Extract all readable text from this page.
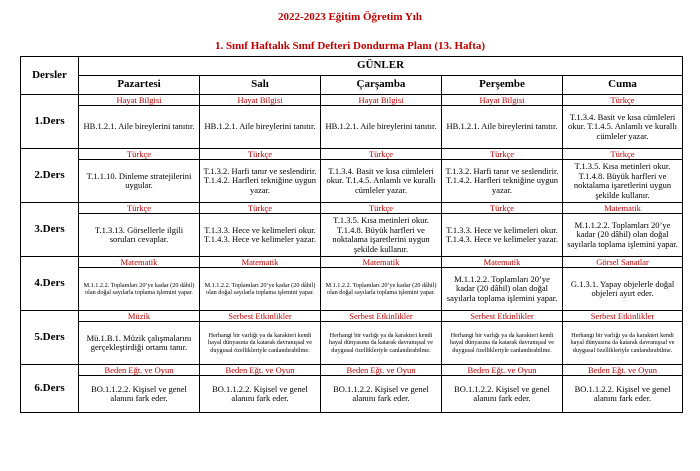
2022-2023 Eğitim Öğretim Yılı
1. Sınıf Haftalık Sınıf Defteri Dondurma Planı (13. Hafta)
Dersler	GÜNLER				
	Pazartesi	Salı	Çarşamba	Perşembe	Cuma
1.Ders	Hayat Bilgisi	Hayat Bilgisi	Hayat Bilgisi	Hayat Bilgisi	Türkçe
	HB.1.2.1. Aile bireylerini tanıtır.	HB.1.2.1. Aile bireylerini tanıtır.	HB.1.2.1. Aile bireylerini tanıtır.	HB.1.2.1. Aile bireylerini tanıtır.	T.1.3.4. Basit ve kısa cümleleri okur. T.1.4.5. Anlamlı ve kurallı cümleler yazar.
2.Ders	Türkçe	Türkçe	Türkçe	Türkçe	Türkçe
	T.1.1.10. Dinleme stratejilerini uygular.	T.1.3.2. Harfi tanır ve seslendirir. T.1.4.2. Harfleri tekniğine uygun yazar.	T.1.3.4. Basit ve kısa cümleleri okur. T.1.4.5. Anlamlı ve kurallı cümleler yazar.	T.1.3.2. Harfi tanır ve seslendirir. T.1.4.2. Harfleri tekniğine uygun yazar.	T.1.3.5. Kısa metinleri okur. T.1.4.8. Büyük harfleri ve noktalama işaretlerini uygun şekilde kullanır.
3.Ders	Türkçe	Türkçe	Türkçe	Türkçe	Matematik
	T.1.3.13. Görsellerle ilgili soruları cevaplar.	T.1.3.3. Hece ve kelimeleri okur. T.1.4.3. Hece ve kelimeler yazar.	T.1.3.5. Kısa metinleri okur. T.1.4.8. Büyük harfleri ve noktalama işaretlerini uygun şekilde kullanır.	T.1.3.3. Hece ve kelimeleri okur. T.1.4.3. Hece ve kelimeler yazar.	M.1.1.2.2. Toplamları 20’ye kadar (20 dâhil) olan doğal sayılarla toplama işlemini yapar.
4.Ders	Matematik	Matematik	Matematik	Matematik	Görsel Sanatlar
	M.1.1.2.2. Toplamları 20’ye kadar (20 dâhil) olan doğal sayılarla toplama işlemini yapar.	M.1.1.2.2. Toplamları 20’ye kadar (20 dâhil) olan doğal sayılarla toplama işlemini yapar.	M.1.1.2.2. Toplamları 20’ye kadar (20 dâhil) olan doğal sayılarla toplama işlemini yapar.	M.1.1.2.2. Toplamları 20’ye kadar (20 dâhil) olan doğal sayılarla toplama işlemini yapar.	G.1.3.1. Yapay objelerle doğal objeleri ayırt eder.
5.Ders	Müzik	Serbest Etkinlikler	Serbest Etkinlikler	Serbest Etkinlikler	Serbest Etkinlikler
	Mü.1.B.1. Müzik çalışmalarını gerçekleştirdiği ortamı tanır.	Herhangi bir varlığı ya da karakteri kendi hayal dünyasına da katarak davranışsal ve duygusal özellikleriyle canlandırabilme.	Herhangi bir varlığı ya da karakteri kendi hayal dünyasına da katarak davranışsal ve duygusal özellikleriyle canlandırabilme.	Herhangi bir varlığı ya da karakteri kendi hayal dünyasına da katarak davranışsal ve duygusal özellikleriyle canlandırabilme.	Herhangi bir varlığı ya da karakteri kendi hayal dünyasına da katarak davranışsal ve duygusal özellikleriyle canlandırabilme.
6.Ders	Beden Eğt. ve Oyun	Beden Eğt. ve Oyun	Beden Eğt. ve Oyun	Beden Eğt. ve Oyun	Beden Eğt. ve Oyun
	BO.1.1.2.2. Kişisel ve genel alanını fark eder.	BO.1.1.2.2. Kişisel ve genel alanını fark eder.	BO.1.1.2.2. Kişisel ve genel alanını fark eder.	BO.1.1.2.2. Kişisel ve genel alanını fark eder.	BO.1.1.2.2. Kişisel ve genel alanını fark eder.
